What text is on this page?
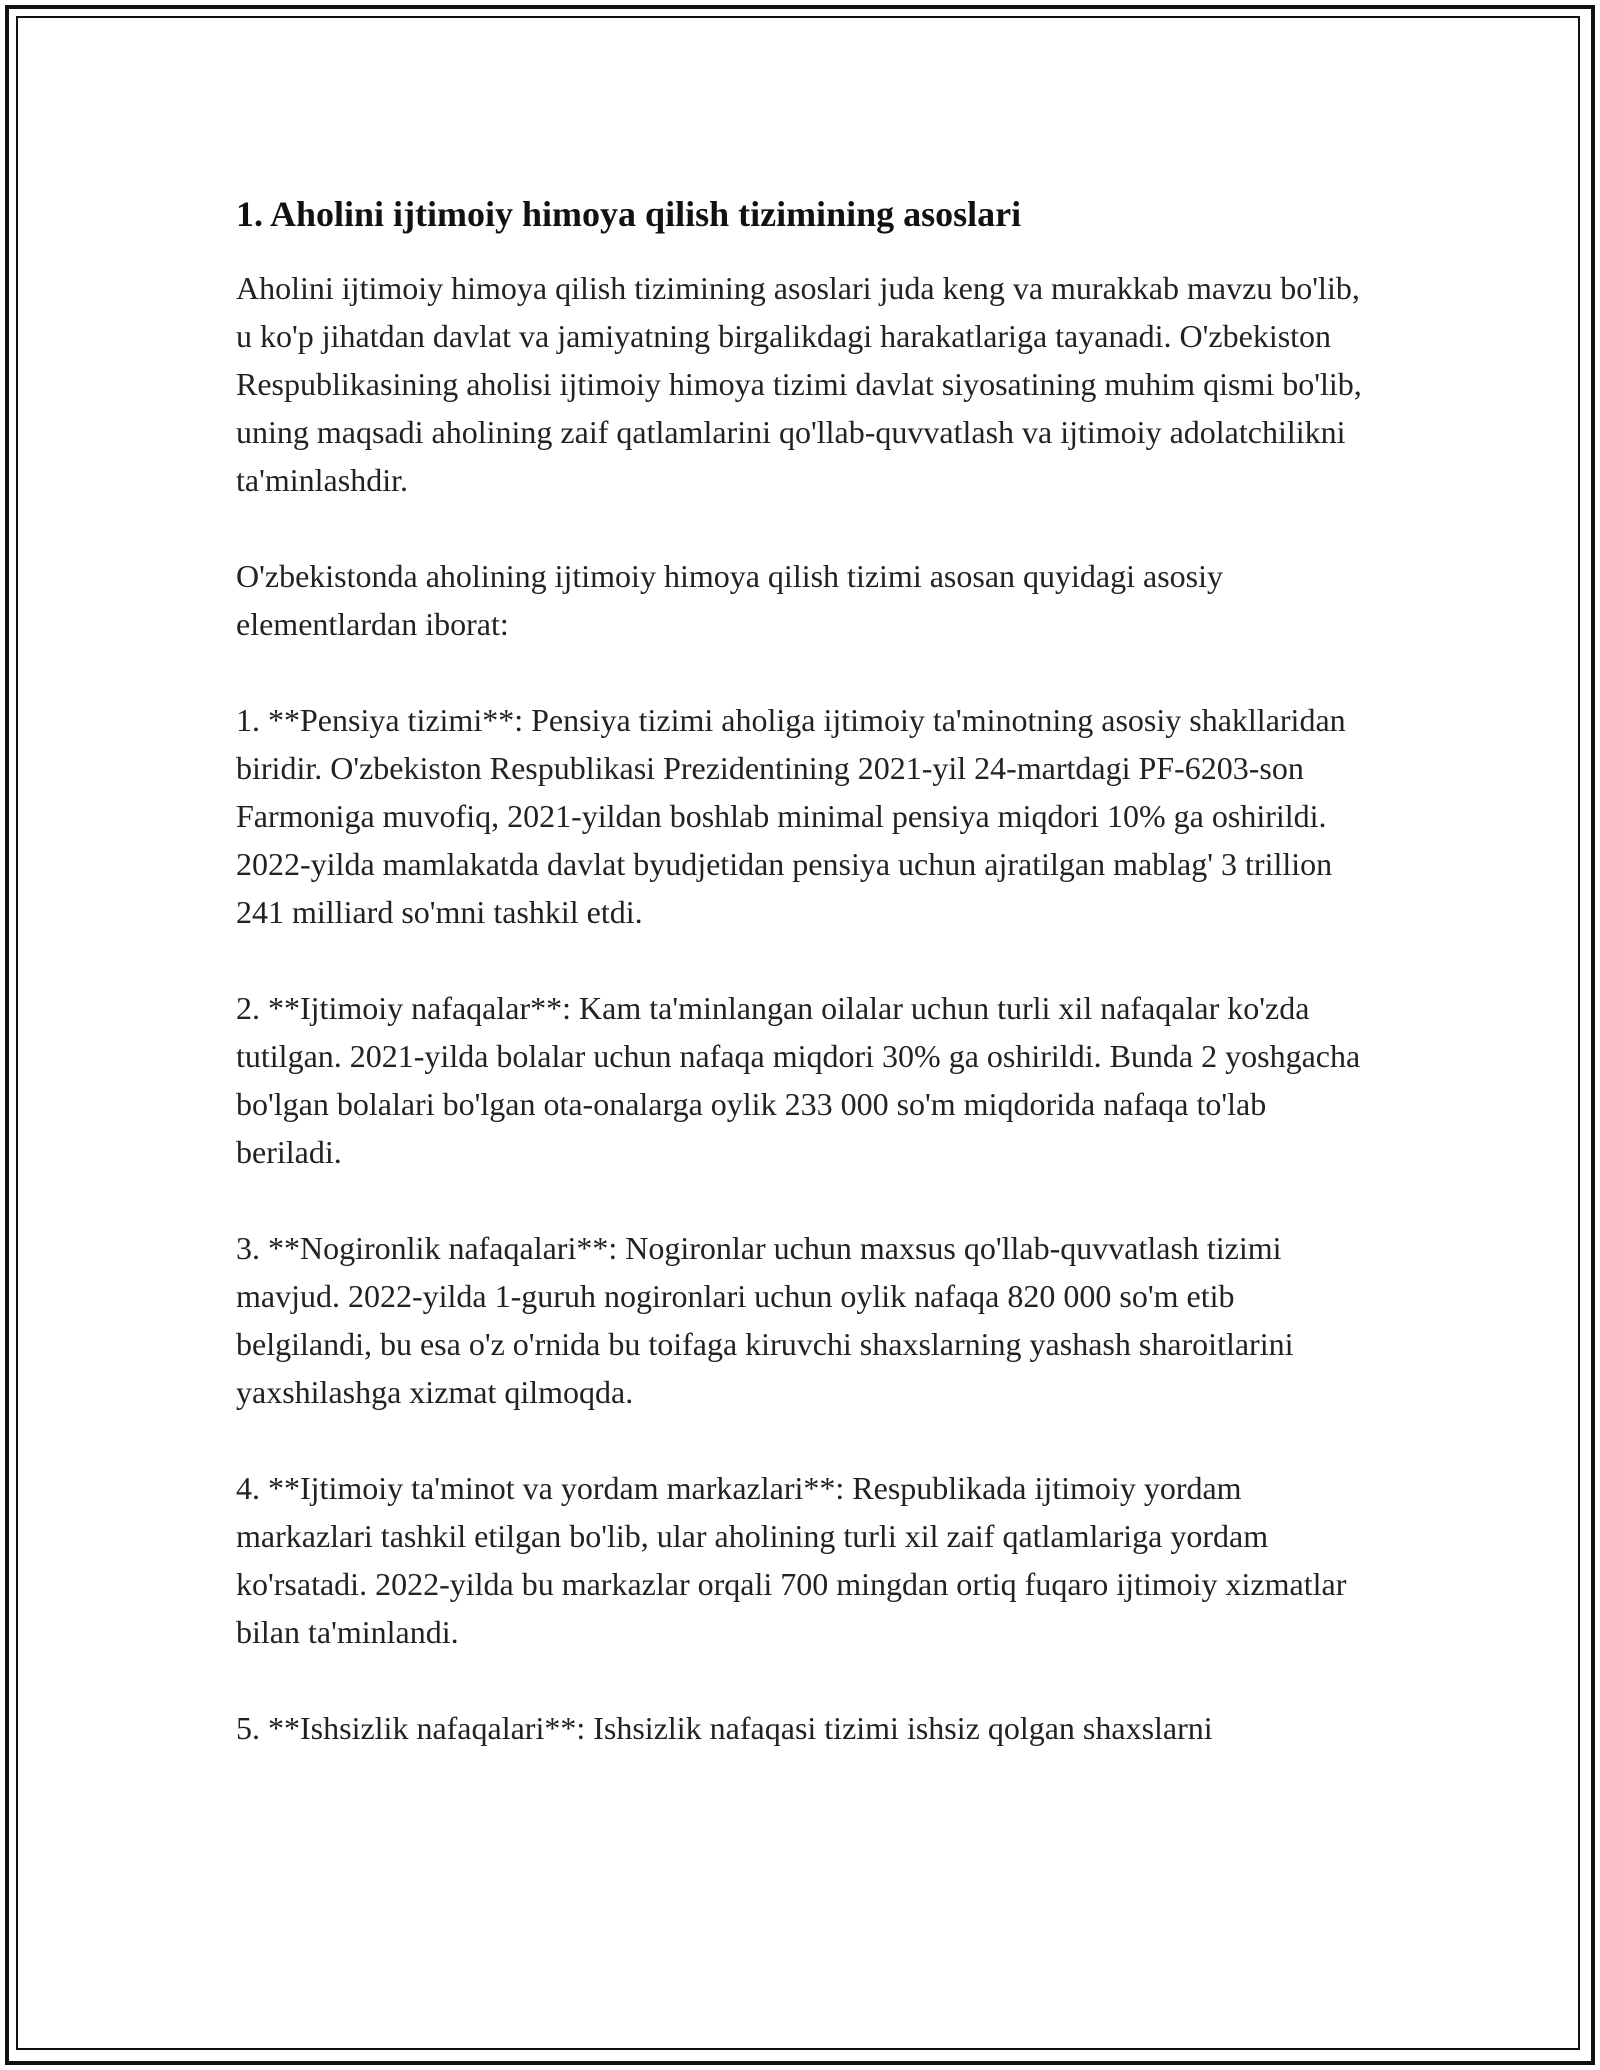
1. Aholini ijtimoiy himoya qilish tizimining asoslari

Aholini ijtimoiy himoya qilish tizimining asoslari juda keng va murakkab mavzu bo'lib, u ko'p jihatdan davlat va jamiyatning birgalikdagi harakatlariga tayanadi. O'zbekiston Respublikasining aholisi ijtimoiy himoya tizimi davlat siyosatining muhim qismi bo'lib, uning maqsadi aholining zaif qatlamlarini qo'llab-quvvatlash va ijtimoiy adolatchilikni ta'minlashdir.

O'zbekistonda aholining ijtimoiy himoya qilish tizimi asosan quyidagi asosiy elementlardan iborat:

1. **Pensiya tizimi**: Pensiya tizimi aholiga ijtimoiy ta'minotning asosiy shakllaridan biridir. O'zbekiston Respublikasi Prezidentining 2021-yil 24-martdagi PF-6203-son Farmoniga muvofiq, 2021-yildan boshlab minimal pensiya miqdori 10% ga oshirildi. 2022-yilda mamlakatda davlat byudjetidan pensiya uchun ajratilgan mablag' 3 trillion 241 milliard so'mni tashkil etdi.

2. **Ijtimoiy nafaqalar**: Kam ta'minlangan oilalar uchun turli xil nafaqalar ko'zda tutilgan. 2021-yilda bolalar uchun nafaqa miqdori 30% ga oshirildi. Bunda 2 yoshgacha bo'lgan bolalari bo'lgan ota-onalarga oylik 233 000 so'm miqdorida nafaqa to'lab beriladi.

3. **Nogironlik nafaqalari**: Nogironlar uchun maxsus qo'llab-quvvatlash tizimi mavjud. 2022-yilda 1-guruh nogironlari uchun oylik nafaqa 820 000 so'm etib belgilandi, bu esa o'z o'rnida bu toifaga kiruvchi shaxslarning yashash sharoitlarini yaxshilashga xizmat qilmoqda.

4. **Ijtimoiy ta'minot va yordam markazlari**: Respublikada ijtimoiy yordam markazlari tashkil etilgan bo'lib, ular aholining turli xil zaif qatlamlariga yordam ko'rsatadi. 2022-yilda bu markazlar orqali 700 mingdan ortiq fuqaro ijtimoiy xizmatlar bilan ta'minlandi.

5. **Ishsizlik nafaqalari**: Ishsizlik nafaqasi tizimi ishsiz qolgan shaxslarni
